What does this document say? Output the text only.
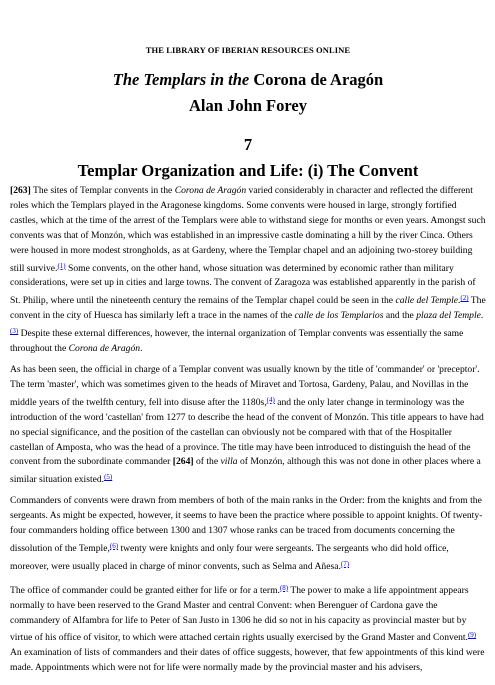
THE LIBRARY OF IBERIAN RESOURCES ONLINE
The Templars in the Corona de Aragón
Alan John Forey
7
Templar Organization and Life: (i) The Convent

[263] The sites of Templar convents in the Corona de Aragón varied considerably in character and reflected the different roles which the Templars played in the Aragonese kingdoms. Some convents were housed in large, strongly fortified castles, which at the time of the arrest of the Templars were able to withstand siege for months or even years. Amongst such convents was that of Monzón, which was established in an impressive castle dominating a hill by the river Cinca. Others were housed in more modest strongholds, as at Gardeny, where the Templar chapel and an adjoining two-storey building still survive.$^{(1)}$ Some convents, on the other hand, whose situation was determined by economic rather than military considerations, were set up in cities and large towns. The convent of Zaragoza was established apparently in the parish of St. Philip, where until the nineteenth century the remains of the Templar chapel could be seen in the calle del Temple.$^{(2)}$ The convent in the city of Huesca has similarly left a trace in the names of the calle de los Templarios and the plaza del Temple.$^{(3)}$ Despite these external differences, however, the internal organization of Templar convents was essentially the same throughout the Corona de Aragón.

As has been seen, the official in charge of a Templar convent was usually known by the title of 'commander' or 'preceptor'. The term 'master', which was sometimes given to the heads of Miravet and Tortosa, Gardeny, Palau, and Novillas in the middle years of the twelfth century, fell into disuse after the 1180s,$^{(4)}$ and the only later change in terminology was the introduction of the word 'castellan' from 1277 to describe the head of the convent of Monzón. This title appears to have had no special significance, and the position of the castellan can obviously not be compared with that of the Hospitaller castellan of Amposta, who was the head of a province. The title may have been introduced to distinguish the head of the convent from the subordinate commander [264] of the villa of Monzón, although this was not done in other places where a similar situation existed.$^{(5)}$

Commanders of convents were drawn from members of both of the main ranks in the Order: from the knights and from the sergeants. As might be expected, however, it seems to have been the practice where possible to appoint knights. Of twenty-four commanders holding office between 1300 and 1307 whose ranks can be traced from documents concerning the dissolution of the Temple,$^{(6)}$ twenty were knights and only four were sergeants. The sergeants who did hold office, moreover, were usually placed in charge of minor convents, such as Selma and Añesa.$^{(7)}$

The office of commander could be granted either for life or for a term.$^{(8)}$ The power to make a life appointment appears normally to have been reserved to the Grand Master and central Convent: when Berenguer of Cardona gave the commandery of Alfambra for life to Peter of San Justo in 1306 he did so not in his capacity as provincial master but by virtue of his office of visitor, to which were attached certain rights usually exercised by the Grand Master and Convent.$^{(9)}$ An examination of lists of commanders and their dates of office suggests, however, that few appointments of this kind were made. Appointments which were not for life were normally made by the provincial master and his advisers,
